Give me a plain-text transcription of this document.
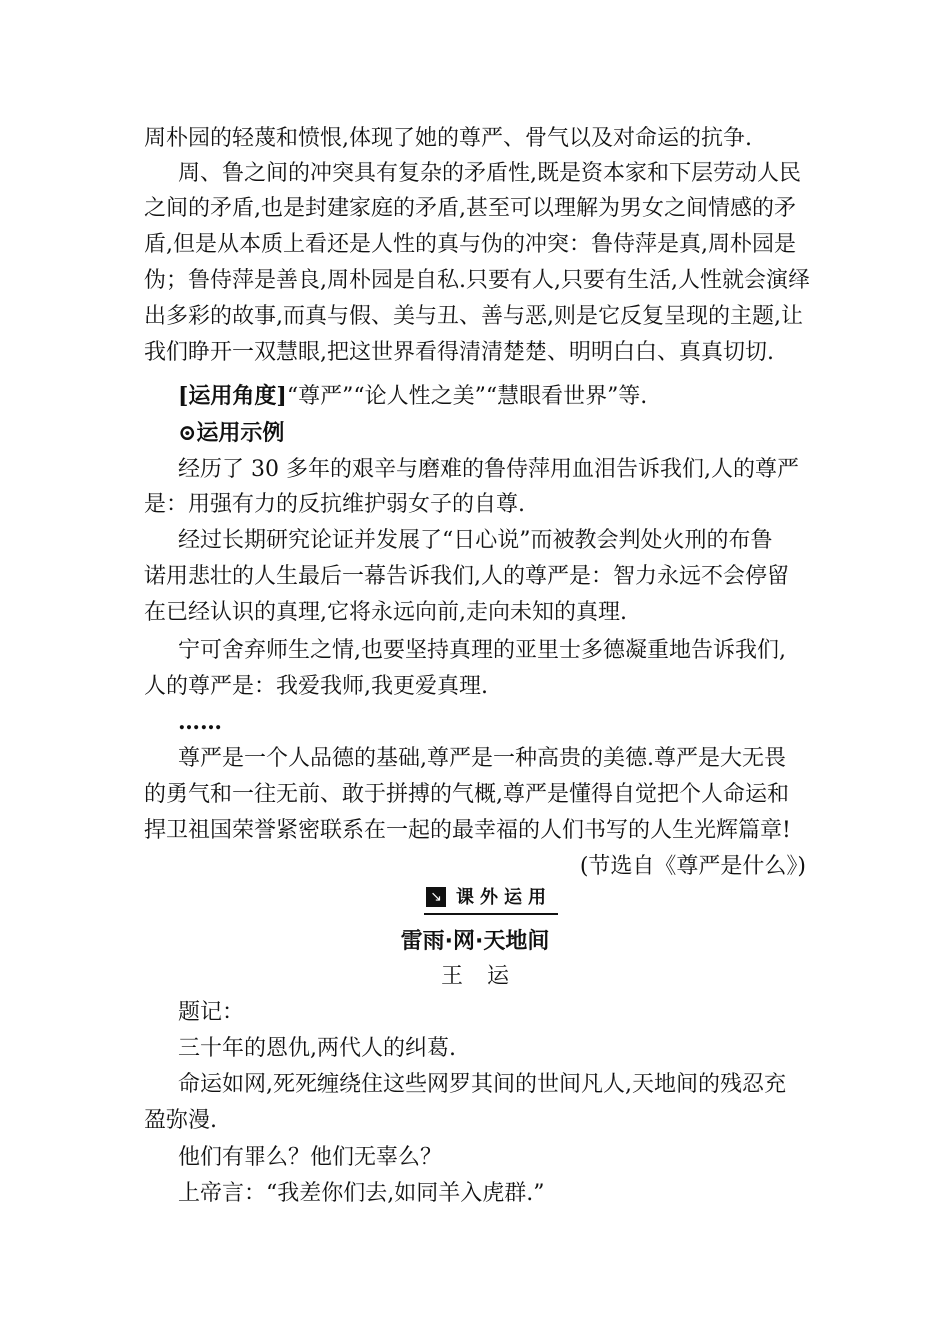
周朴园的轻蔑和愤恨,体现了她的尊严、骨气以及对命运的抗争.
周、鲁之间的冲突具有复杂的矛盾性,既是资本家和下层劳动人民
之间的矛盾,也是封建家庭的矛盾,甚至可以理解为男女之间情感的矛
盾,但是从本质上看还是人性的真与伪的冲突：鲁侍萍是真,周朴园是
伪；鲁侍萍是善良,周朴园是自私.只要有人,只要有生活,人性就会演绎
出多彩的故事,而真与假、美与丑、善与恶,则是它反复呈现的主题,让
我们睁开一双慧眼,把这世界看得清清楚楚、明明白白、真真切切.
[运用角度]“尊严”“论人性之美”“慧眼看世界”等.
⊙运用示例
经历了 30 多年的艰辛与磨难的鲁侍萍用血泪告诉我们,人的尊严
是：用强有力的反抗维护弱女子的自尊.
经过长期研究论证并发展了“日心说”而被教会判处火刑的布鲁
诺用悲壮的人生最后一幕告诉我们,人的尊严是：智力永远不会停留
在已经认识的真理,它将永远向前,走向未知的真理.
宁可舍弃师生之情,也要坚持真理的亚里士多德凝重地告诉我们,
人的尊严是：我爱我师,我更爱真理.
……
尊严是一个人品德的基础,尊严是一种高贵的美德.尊严是大无畏
的勇气和一往无前、敢于拼搏的气概,尊严是懂得自觉把个人命运和
捍卫祖国荣誉紧密联系在一起的最幸福的人们书写的人生光辉篇章!
(节选自《尊严是什么》)
↘ 课外运用
雷雨·网·天地间
王运
题记：
三十年的恩仇,两代人的纠葛.
命运如网,死死缠绕住这些网罗其间的世间凡人,天地间的残忍充
盈弥漫.
他们有罪么？他们无辜么？
上帝言：“我差你们去,如同羊入虎群.”
